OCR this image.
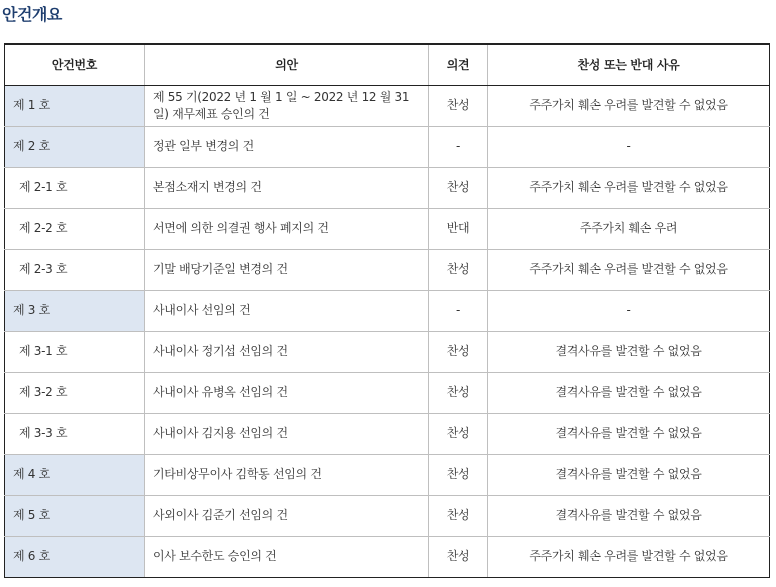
안건개요
안건번호	의안	의견	찬성 또는 반대 사유
제 1 호	제 55 기(2022 년 1 월 1 일 ~ 2022 년 12 월 31 일) 재무제표 승인의 건	찬성	주주가치 훼손 우려를 발견할 수 없었음
제 2 호	정관 일부 변경의 건	-	-
제 2-1 호	본점소재지 변경의 건	찬성	주주가치 훼손 우려를 발견할 수 없었음
제 2-2 호	서면에 의한 의결권 행사 폐지의 건	반대	주주가치 훼손 우려
제 2-3 호	기말 배당기준일 변경의 건	찬성	주주가치 훼손 우려를 발견할 수 없었음
제 3 호	사내이사 선임의 건	-	-
제 3-1 호	사내이사 정기섭 선임의 건	찬성	결격사유를 발견할 수 없었음
제 3-2 호	사내이사 유병옥 선임의 건	찬성	결격사유를 발견할 수 없었음
제 3-3 호	사내이사 김지용 선임의 건	찬성	결격사유를 발견할 수 없었음
제 4 호	기타비상무이사 김학동 선임의 건	찬성	결격사유를 발견할 수 없었음
제 5 호	사외이사 김준기 선임의 건	찬성	결격사유를 발견할 수 없었음
제 6 호	이사 보수한도 승인의 건	찬성	주주가치 훼손 우려를 발견할 수 없었음
